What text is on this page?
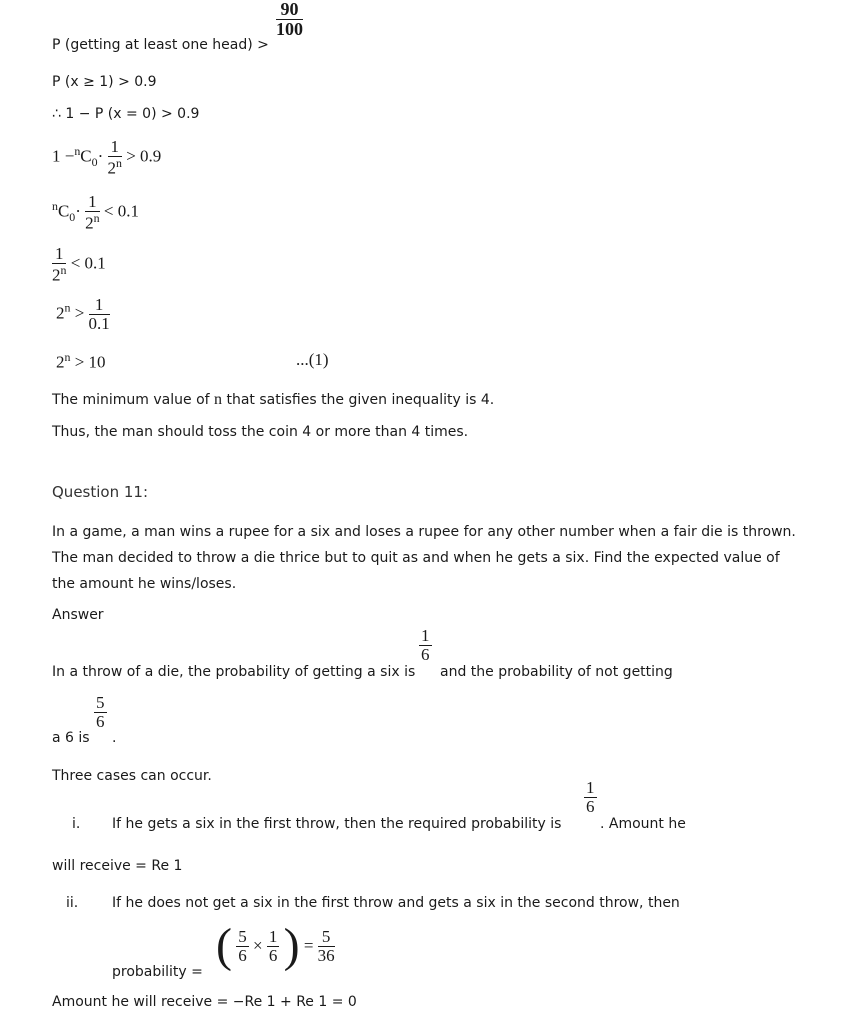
$\frac{90}{100}$
P (getting at least one head) >
P (x ≥ 1) > 0.9
∴ 1 − P (x = 0) > 0.9
$1 -^nC_0\cdot \frac{1}{2^n} > 0.9$
$^nC_0\cdot \frac{1}{2^n} < 0.1$
$\frac{1}{2^n} < 0.1$
$2^n > \frac{1}{0.1}$
$2^n > 10$	...(1)
The minimum value of n that satisfies the given inequality is 4.
Thus, the man should toss the coin 4 or more than 4 times.
Question 11:
In a game, a man wins a rupee for a six and loses a rupee for any other number when a fair die is thrown.
The man decided to throw a die thrice but to quit as and when he gets a six. Find the expected value of
the amount he wins/loses.
Answer
In a throw of a die, the probability of getting a six is
$\frac{1}{6}$
and the probability of not getting
a 6 is
$\frac{5}{6}$
.
Three cases can occur.
i. If he gets a six in the first throw, then the required probability is
$\frac{1}{6}$
. Amount he
will receive = Re 1
ii. If he does not get a six in the first throw and gets a six in the second throw, then
probability = ( $\frac{5}{6} \times \frac{1}{6}$ ) = $\frac{5}{36}$
Amount he will receive = −Re 1 + Re 1 = 0
